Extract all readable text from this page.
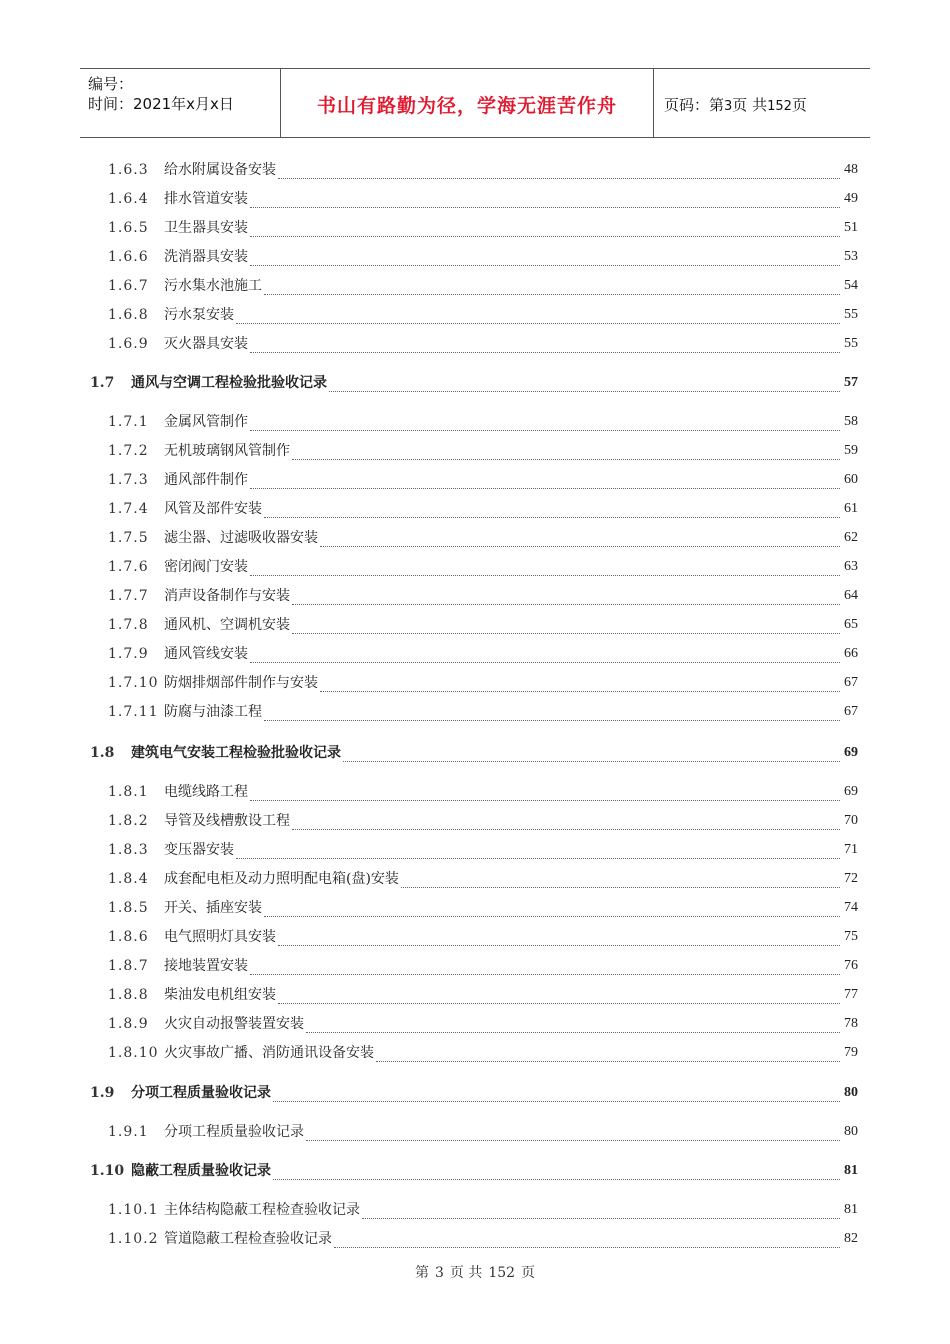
编号：
时间：2021年x月x日	书山有路勤为径，学海无涯苦作舟	页码：第3页 共152页
1.6.3 给水附属设备安装	48
1.6.4 排水管道安装	49
1.6.5 卫生器具安装	51
1.6.6 洗消器具安装	53
1.6.7 污水集水池施工	54
1.6.8 污水泵安装	55
1.6.9 灭火器具安装	55
1.7 通风与空调工程检验批验收记录	57
1.7.1 金属风管制作	58
1.7.2 无机玻璃钢风管制作	59
1.7.3 通风部件制作	60
1.7.4 风管及部件安装	61
1.7.5 滤尘器、过滤吸收器安装	62
1.7.6 密闭阀门安装	63
1.7.7 消声设备制作与安装	64
1.7.8 通风机、空调机安装	65
1.7.9 通风管线安装	66
1.7.10 防烟排烟部件制作与安装	67
1.7.11 防腐与油漆工程	67
1.8 建筑电气安装工程检验批验收记录	69
1.8.1 电缆线路工程	69
1.8.2 导管及线槽敷设工程	70
1.8.3 变压器安装	71
1.8.4 成套配电柜及动力照明配电箱(盘)安装	72
1.8.5 开关、插座安装	74
1.8.6 电气照明灯具安装	75
1.8.7 接地装置安装	76
1.8.8 柴油发电机组安装	77
1.8.9 火灾自动报警装置安装	78
1.8.10 火灾事故广播、消防通讯设备安装	79
1.9 分项工程质量验收记录	80
1.9.1 分项工程质量验收记录	80
1.10 隐蔽工程质量验收记录	81
1.10.1 主体结构隐蔽工程检查验收记录	81
1.10.2 管道隐蔽工程检查验收记录	82
第 3 页 共 152 页
